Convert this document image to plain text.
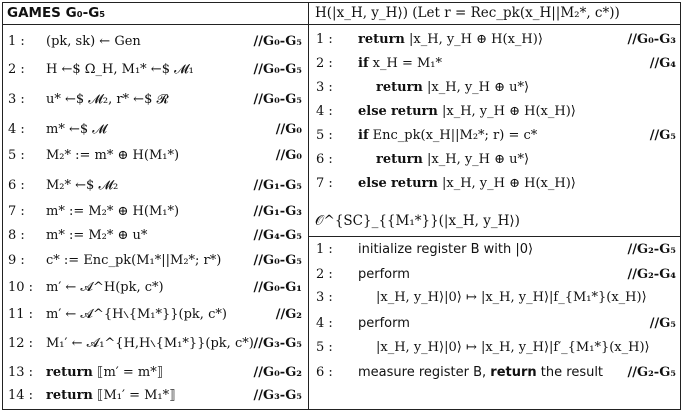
GAMES G₀-G₅
1 : (pk, sk) ← Gen	//G₀-G₅
2 : H ←$ Ω_H, M₁* ←$ 𝓜₁	//G₀-G₅
3 : u* ←$ 𝓜₂, r* ←$ 𝓡	//G₀-G₅
4 : m* ←$ 𝓜	//G₀
5 : M₂* := m* ⊕ H(M₁*)	//G₀
6 : M₂* ←$ 𝓜₂	//G₁-G₅
7 : m* := M₂* ⊕ H(M₁*)	//G₁-G₃
8 : m* := M₂* ⊕ u*	//G₄-G₅
9 : c* := Enc_pk(M₁*||M₂*; r*) //G₀-G₅
10 : m′ ← 𝓐^H(pk, c*)	//G₀-G₁
11 : m′ ← 𝓐^{H∖{M₁*}}(pk, c*)	//G₂
12 : M₁′ ← 𝓐₁^{H,H∖{M₁*}}(pk, c*) //G₃-G₅
13 : return ⟦m′ = m*⟧	//G₀-G₂
14 : return ⟦M₁′ = M₁*⟧	//G₃-G₅
H(|x_H, y_H⟩) (Let r = Rec_pk(x_H||M₂*, c*))
1 : return |x_H, y_H ⊕ H(x_H)⟩	//G₀-G₃
2 : if x_H = M₁*	//G₄
3 :	return |x_H, y_H ⊕ u*⟩
4 : else return |x_H, y_H ⊕ H(x_H)⟩
5 : if Enc_pk(x_H||M₂*; r) = c*	//G₅
6 :	return |x_H, y_H ⊕ u*⟩
7 : else return |x_H, y_H ⊕ H(x_H)⟩
𝒪^{SC}_{{M₁*}}(|x_H, y_H⟩)
1 : initialize register B with |0⟩	//G₂-G₅
2 : perform	//G₂-G₄
3 :	|x_H, y_H⟩|0⟩ ↦ |x_H, y_H⟩|f_{M₁*}(x_H)⟩
4 : perform	//G₅
5 :	|x_H, y_H⟩|0⟩ ↦ |x_H, y_H⟩|f′_{M₁*}(x_H)⟩
6 : measure register B, return the result //G₂-G₅
